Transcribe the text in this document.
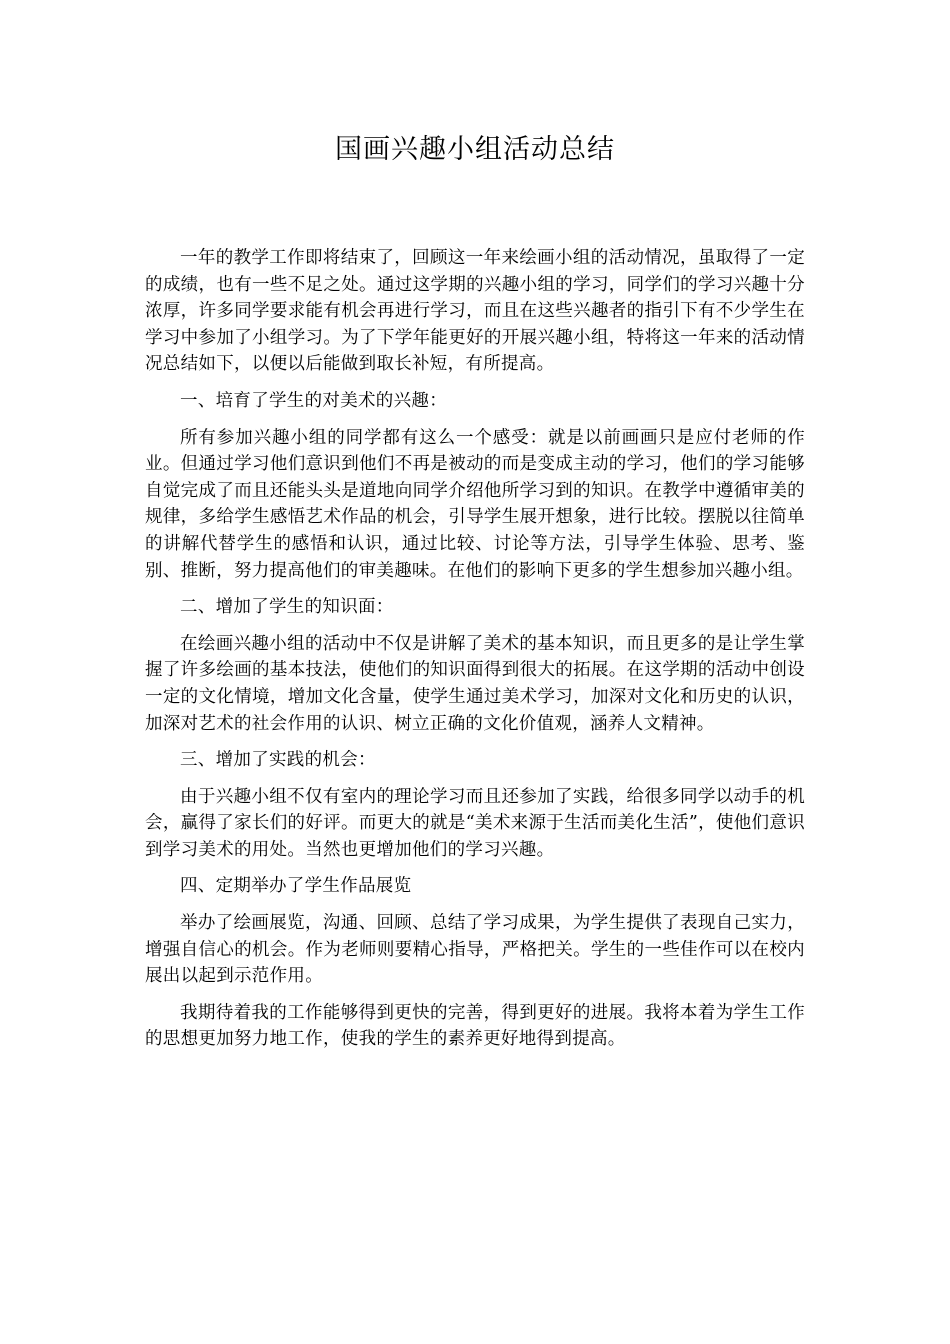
国画兴趣小组活动总结

一年的教学工作即将结束了，回顾这一年来绘画小组的活动情况，虽取得了一定的成绩，也有一些不足之处。通过这学期的兴趣小组的学习，同学们的学习兴趣十分浓厚，许多同学要求能有机会再进行学习，而且在这些兴趣者的指引下有不少学生在学习中参加了小组学习。为了下学年能更好的开展兴趣小组，特将这一年来的活动情况总结如下，以便以后能做到取长补短，有所提高。

一、培育了学生的对美术的兴趣：

所有参加兴趣小组的同学都有这么一个感受：就是以前画画只是应付老师的作业。但通过学习他们意识到他们不再是被动的而是变成主动的学习，他们的学习能够自觉完成了而且还能头头是道地向同学介绍他所学习到的知识。在教学中遵循审美的规律，多给学生感悟艺术作品的机会，引导学生展开想象，进行比较。摆脱以往简单的讲解代替学生的感悟和认识，通过比较、讨论等方法，引导学生体验、思考、鉴别、推断，努力提高他们的审美趣味。在他们的影响下更多的学生想参加兴趣小组。

二、增加了学生的知识面：

在绘画兴趣小组的活动中不仅是讲解了美术的基本知识，而且更多的是让学生掌握了许多绘画的基本技法，使他们的知识面得到很大的拓展。在这学期的活动中创设一定的文化情境，增加文化含量，使学生通过美术学习，加深对文化和历史的认识，加深对艺术的社会作用的认识、树立正确的文化价值观，涵养人文精神。

三、增加了实践的机会：

由于兴趣小组不仅有室内的理论学习而且还参加了实践，给很多同学以动手的机会，赢得了家长们的好评。而更大的就是“美术来源于生活而美化生活”，使他们意识到学习美术的用处。当然也更增加他们的学习兴趣。

四、定期举办了学生作品展览

举办了绘画展览，沟通、回顾、总结了学习成果，为学生提供了表现自己实力，增强自信心的机会。作为老师则要精心指导，严格把关。学生的一些佳作可以在校内展出以起到示范作用。

我期待着我的工作能够得到更快的完善，得到更好的进展。我将本着为学生工作的思想更加努力地工作，使我的学生的素养更好地得到提高。
